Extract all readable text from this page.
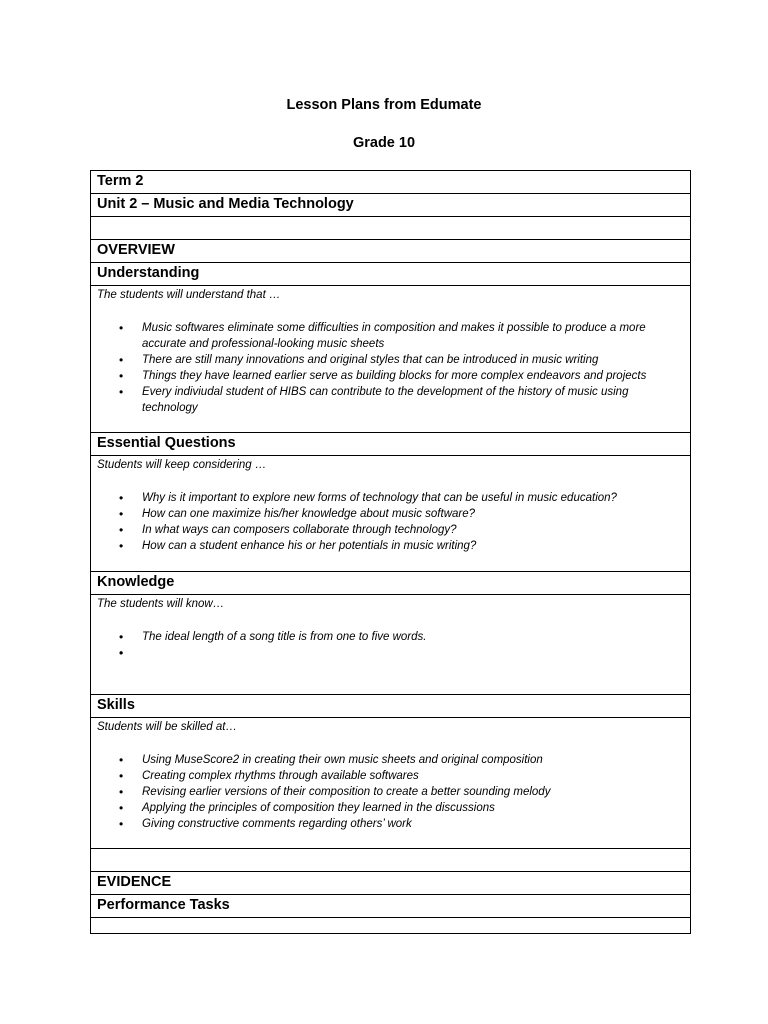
Lesson Plans from Edumate
Grade 10
Term 2
Unit 2 – Music and Media Technology
OVERVIEW
Understanding
The students will understand that …
• Music softwares eliminate some difficulties in composition and makes it possible to produce a more accurate and professional-looking music sheets
• There are still many innovations and original styles that can be introduced in music writing
• Things they have learned earlier serve as building blocks for more complex endeavors and projects
• Every indiviudal student of HIBS can contribute to the development of the history of music using technology
Essential Questions
Students will keep considering …
• Why is it important to explore new forms of technology that can be useful in music education?
• How can one maximize his/her knowledge about music software?
• In what ways can composers collaborate through technology?
• How can a student enhance his or her potentials in music writing?
Knowledge
The students will know…
• The ideal length of a song title is from one to five words.
Skills
Students will be skilled at…
• Using MuseScore2 in creating their own music sheets and original composition
• Creating complex rhythms through available softwares
• Revising earlier versions of their composition to create a better sounding melody
• Applying the principles of composition they learned in the discussions
• Giving constructive comments regarding others’ work
EVIDENCE
Performance Tasks
